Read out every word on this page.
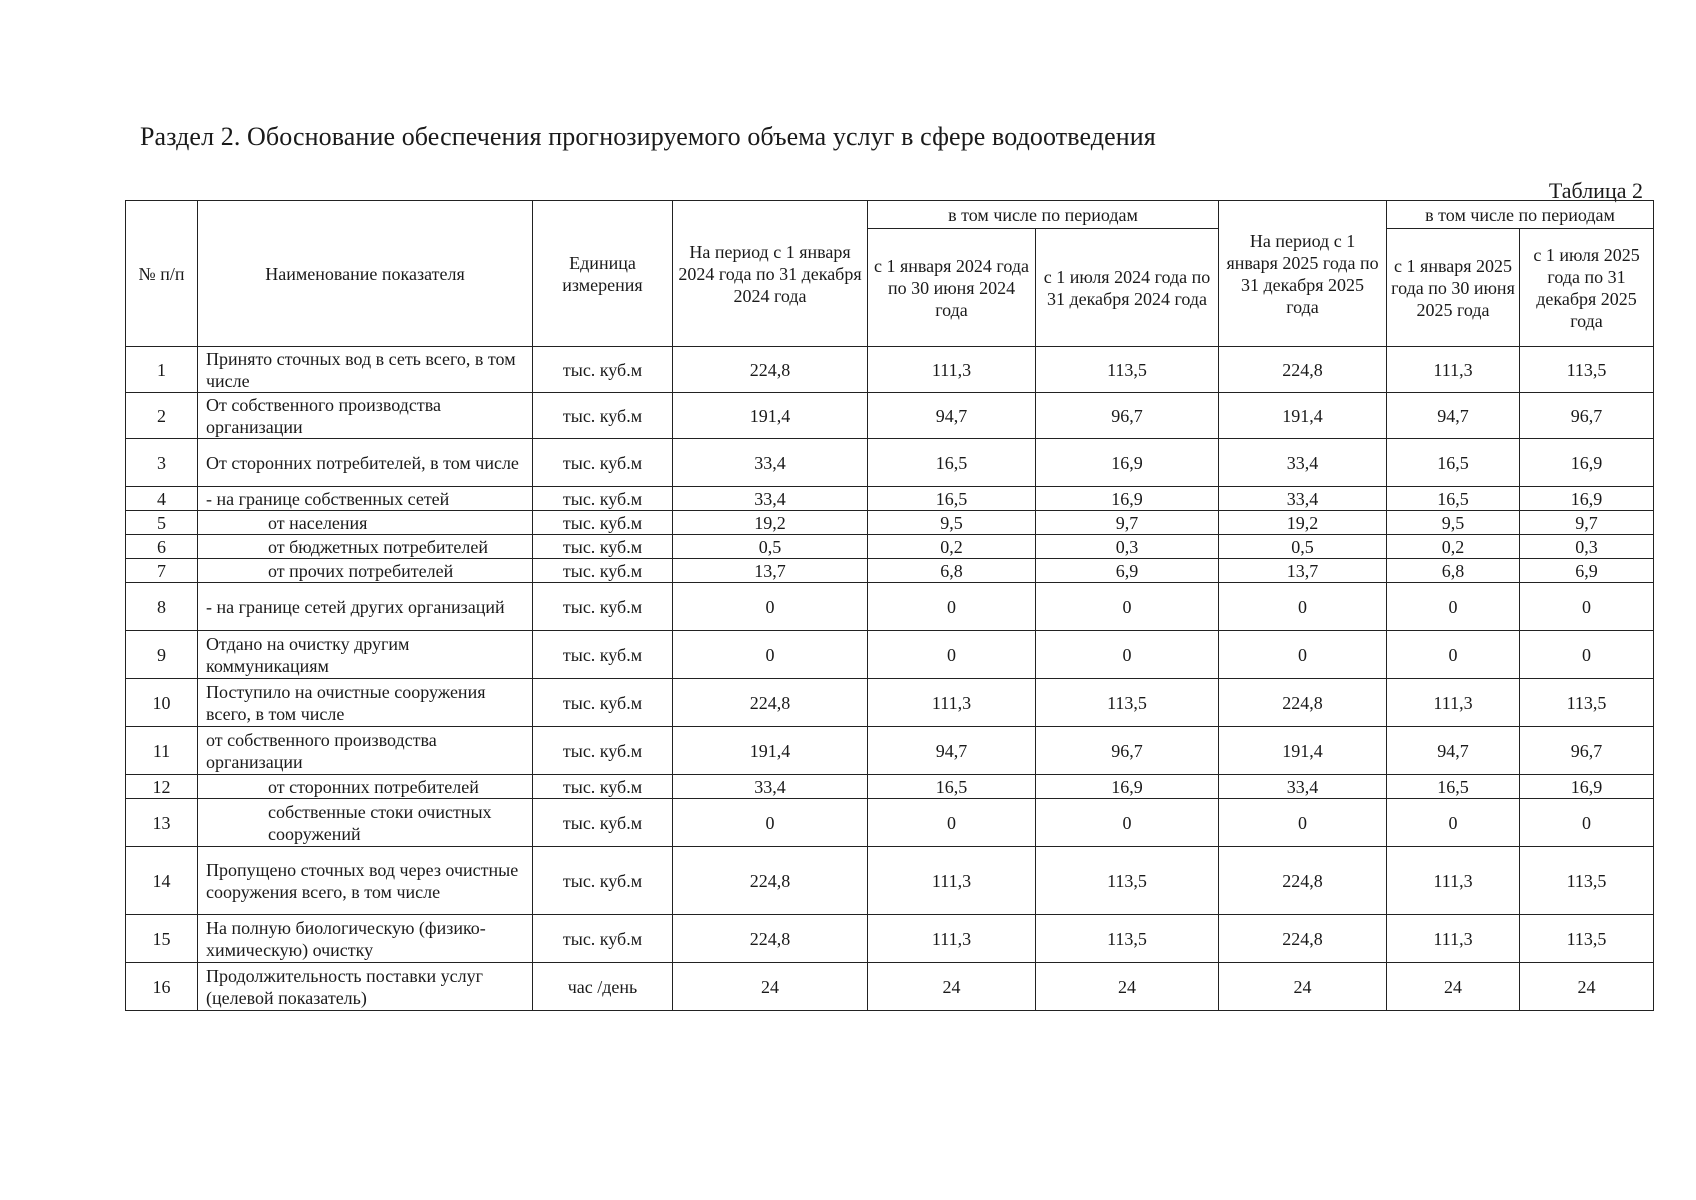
Раздел 2. Обоснование обеспечения прогнозируемого объема услуг в сфере водоотведения
Таблица 2
№ п/п	Наименование показателя	Единица измерения	На период с 1 января 2024 года по 31 декабря 2024 года	в том числе по периодам		На период с 1 января 2025 года по 31 декабря 2025 года	в том числе по периодам	
				с 1 января 2024 года по 30 июня 2024 года	с 1 июля 2024 года по 31 декабря 2024 года		с 1 января 2025 года по 30 июня 2025 года	с 1 июля 2025 года по 31 декабря 2025 года
1	Принято сточных вод в сеть всего, в том числе	тыс. куб.м	224,8	111,3	113,5	224,8	111,3	113,5
2	От собственного производства организации	тыс. куб.м	191,4	94,7	96,7	191,4	94,7	96,7
3	От сторонних потребителей, в том числе	тыс. куб.м	33,4	16,5	16,9	33,4	16,5	16,9
4	- на границе собственных сетей	тыс. куб.м	33,4	16,5	16,9	33,4	16,5	16,9
5	от населения	тыс. куб.м	19,2	9,5	9,7	19,2	9,5	9,7
6	от бюджетных потребителей	тыс. куб.м	0,5	0,2	0,3	0,5	0,2	0,3
7	от прочих потребителей	тыс. куб.м	13,7	6,8	6,9	13,7	6,8	6,9
8	- на границе сетей других организаций	тыс. куб.м	0	0	0	0	0	0
9	Отдано на очистку другим коммуникациям	тыс. куб.м	0	0	0	0	0	0
10	Поступило на очистные сооружения всего, в том числе	тыс. куб.м	224,8	111,3	113,5	224,8	111,3	113,5
11	от собственного производства организации	тыс. куб.м	191,4	94,7	96,7	191,4	94,7	96,7
12	от сторонних потребителей	тыс. куб.м	33,4	16,5	16,9	33,4	16,5	16,9
13	собственные стоки очистных сооружений	тыс. куб.м	0	0	0	0	0	0
14	Пропущено сточных вод через очистные сооружения всего, в том числе	тыс. куб.м	224,8	111,3	113,5	224,8	111,3	113,5
15	На полную биологическую (физико-химическую) очистку	тыс. куб.м	224,8	111,3	113,5	224,8	111,3	113,5
16	Продолжительность поставки услуг (целевой показатель)	час /день	24	24	24	24	24	24
